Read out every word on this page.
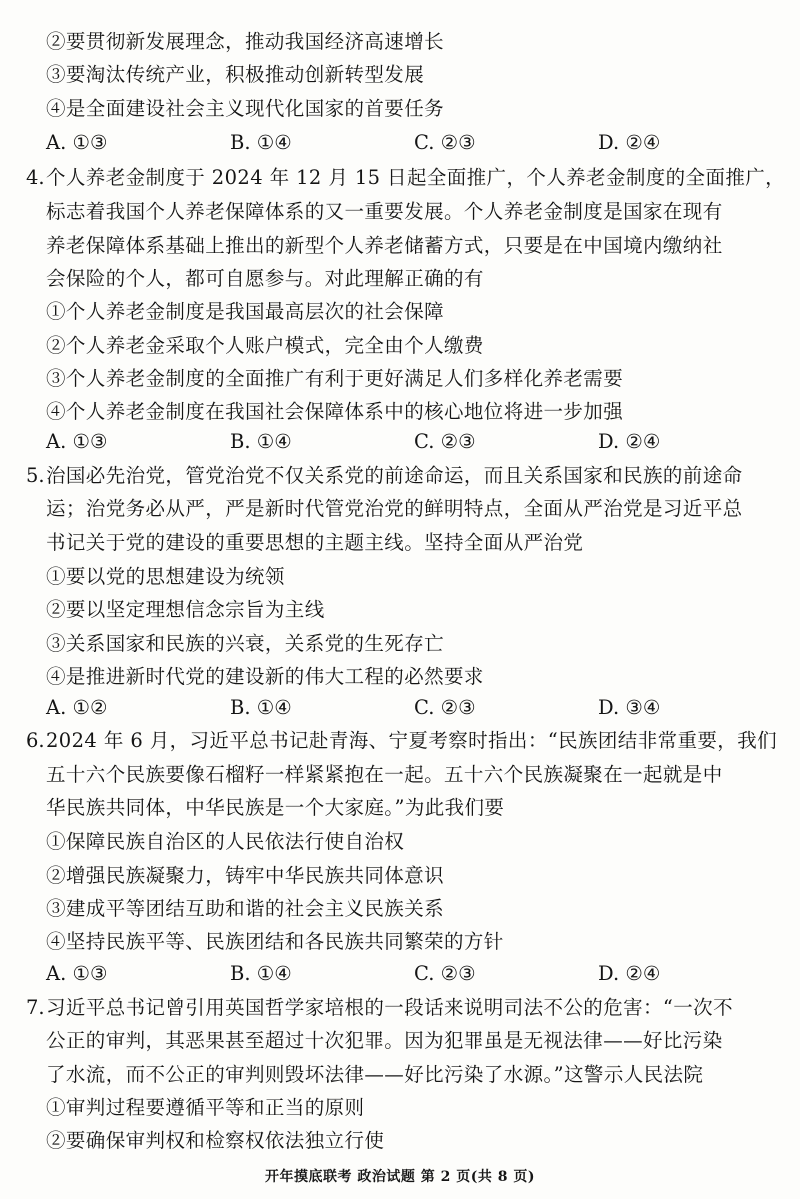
②要贯彻新发展理念，推动我国经济高速增长
③要淘汰传统产业，积极推动创新转型发展
④是全面建设社会主义现代化国家的首要任务
A. ①③	B. ①④	C. ②③	D. ②④
4. 个人养老金制度于 2024 年 12 月 15 日起全面推广，个人养老金制度的全面推广，
标志着我国个人养老保障体系的又一重要发展。个人养老金制度是国家在现有
养老保障体系基础上推出的新型个人养老储蓄方式，只要是在中国境内缴纳社
会保险的个人，都可自愿参与。对此理解正确的有
①个人养老金制度是我国最高层次的社会保障
②个人养老金采取个人账户模式，完全由个人缴费
③个人养老金制度的全面推广有利于更好满足人们多样化养老需要
④个人养老金制度在我国社会保障体系中的核心地位将进一步加强
A. ①③	B. ①④	C. ②③	D. ②④
5. 治国必先治党，管党治党不仅关系党的前途命运，而且关系国家和民族的前途命
运；治党务必从严，严是新时代管党治党的鲜明特点，全面从严治党是习近平总
书记关于党的建设的重要思想的主题主线。坚持全面从严治党
①要以党的思想建设为统领
②要以坚定理想信念宗旨为主线
③关系国家和民族的兴衰，关系党的生死存亡
④是推进新时代党的建设新的伟大工程的必然要求
A. ①②	B. ①④	C. ②③	D. ③④
6. 2024 年 6 月，习近平总书记赴青海、宁夏考察时指出：“民族团结非常重要，我们
五十六个民族要像石榴籽一样紧紧抱在一起。五十六个民族凝聚在一起就是中
华民族共同体，中华民族是一个大家庭。”为此我们要
①保障民族自治区的人民依法行使自治权
②增强民族凝聚力，铸牢中华民族共同体意识
③建成平等团结互助和谐的社会主义民族关系
④坚持民族平等、民族团结和各民族共同繁荣的方针
A. ①③	B. ①④	C. ②③	D. ②④
7. 习近平总书记曾引用英国哲学家培根的一段话来说明司法不公的危害：“一次不
公正的审判，其恶果甚至超过十次犯罪。因为犯罪虽是无视法律——好比污染
了水流，而不公正的审判则毁坏法律——好比污染了水源。”这警示人民法院
①审判过程要遵循平等和正当的原则
②要确保审判权和检察权依法独立行使
开年摸底联考 政治试题 第 2 页(共 8 页)
